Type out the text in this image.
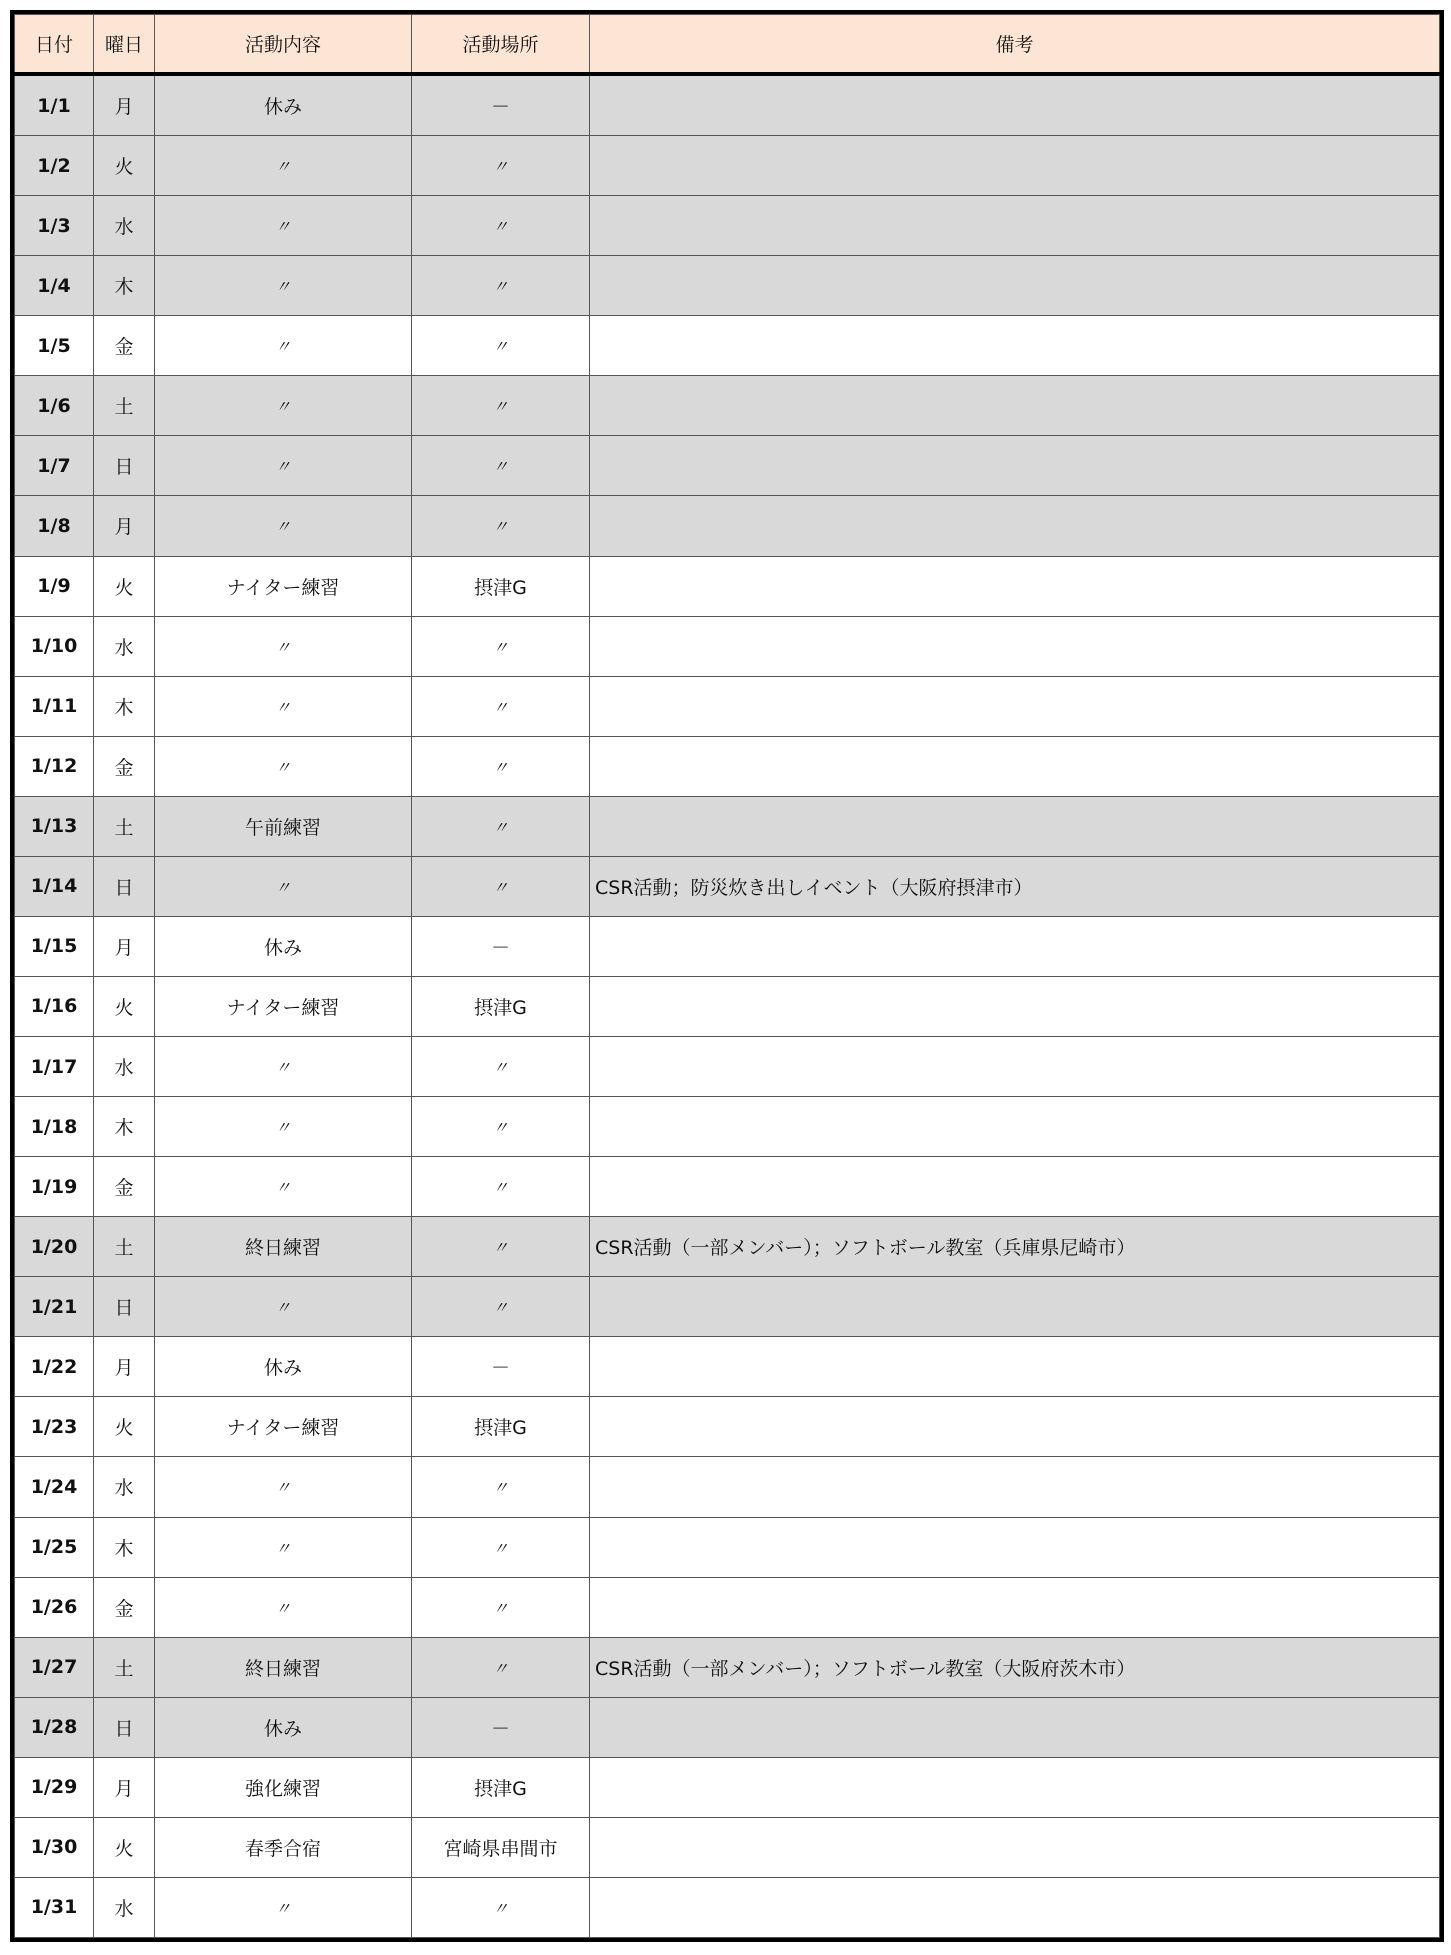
日付	曜日	活動内容	活動場所	備考
1/1	月	休み	－	
1/2	火	〃	〃	
1/3	水	〃	〃	
1/4	木	〃	〃	
1/5	金	〃	〃	
1/6	土	〃	〃	
1/7	日	〃	〃	
1/8	月	〃	〃	
1/9	火	ナイター練習	摂津G	
1/10	水	〃	〃	
1/11	木	〃	〃	
1/12	金	〃	〃	
1/13	土	午前練習	〃	
1/14	日	〃	〃	CSR活動；防災炊き出しイベント（大阪府摂津市）
1/15	月	休み	－	
1/16	火	ナイター練習	摂津G	
1/17	水	〃	〃	
1/18	木	〃	〃	
1/19	金	〃	〃	
1/20	土	終日練習	〃	CSR活動（一部メンバー）；ソフトボール教室（兵庫県尼崎市）
1/21	日	〃	〃	
1/22	月	休み	－	
1/23	火	ナイター練習	摂津G	
1/24	水	〃	〃	
1/25	木	〃	〃	
1/26	金	〃	〃	
1/27	土	終日練習	〃	CSR活動（一部メンバー）；ソフトボール教室（大阪府茨木市）
1/28	日	休み	－	
1/29	月	強化練習	摂津G	
1/30	火	春季合宿	宮崎県串間市	
1/31	水	〃	〃	
